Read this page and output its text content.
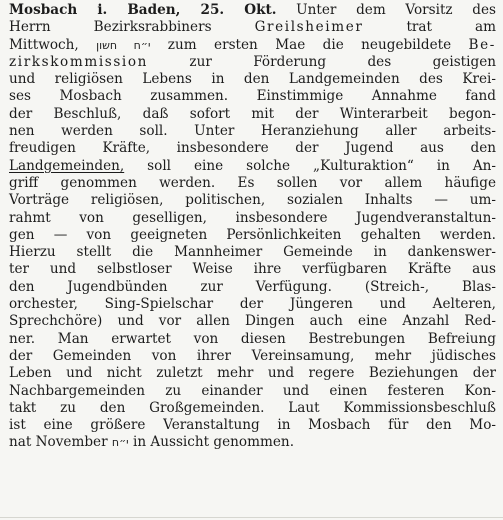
Mosbach i. Baden, 25. Okt. Unter dem Vorsitz des
Herrn Bezirksrabbiners Greilsheimer trat am
Mittwoch, י״ח חשון zum ersten Mae die neugebildete Be-
zirkskommission zur Förderung des geistigen
und religiösen Lebens in den Landgemeinden des Krei-
ses Mosbach zusammen. Einstimmige Annahme fand
der Beschluß, daß sofort mit der Winterarbeit begon-
nen werden soll. Unter Heranziehung aller arbeits-
freudigen Kräfte, insbesondere der Jugend aus den
Landgemeinden, soll eine solche „Kulturaktion“ in An-
griff genommen werden. Es sollen vor allem häufige
Vorträge religiösen, politischen, sozialen Inhalts — um-
rahmt von geselligen, insbesondere Jugendveranstaltun-
gen — von geeigneten Persönlichkeiten gehalten werden.
Hierzu stellt die Mannheimer Gemeinde in dankenswer-
ter und selbstloser Weise ihre verfügbaren Kräfte aus
den Jugendbünden zur Verfügung. (Streich-, Blas-
orchester, Sing-Spielschar der Jüngeren und Aelteren,
Sprechchöre) und vor allen Dingen auch eine Anzahl Red-
ner. Man erwartet von diesen Bestrebungen Befreiung
der Gemeinden von ihrer Vereinsamung, mehr jüdisches
Leben und nicht zuletzt mehr und regere Beziehungen der
Nachbargemeinden zu einander und einen festeren Kon-
takt zu den Großgemeinden. Laut Kommissionsbeschluß
ist eine größere Veranstaltung in Mosbach für den Mo-
nat November י״ח in Aussicht genommen.
